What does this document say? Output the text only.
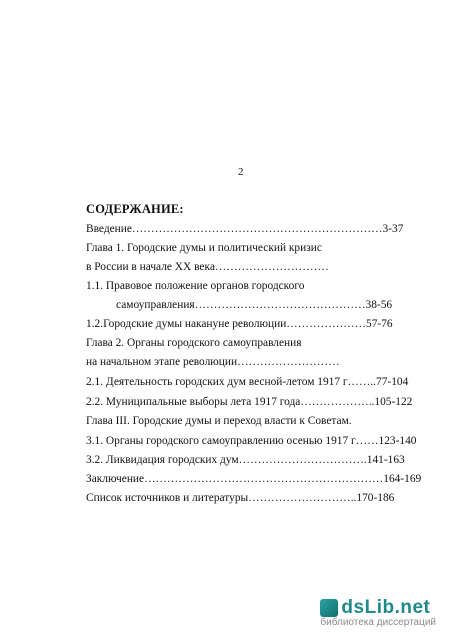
2
СОДЕРЖАНИЕ:
Введение…………………………………………………………3-37
Глава 1. Городские думы и политический кризис
в России в начале ХХ века…………………………
1.1. Правовое положение органов городского
самоуправления………………………………………38-56
1.2.Городские думы накануне революции…………………57-76
Глава 2. Органы городского самоуправления
на начальном этапе революции………………………
2.1. Деятельность городских дум весной-летом 1917 г……..77-104
2.2. Муниципальные выборы лета 1917 года………………..105-122
Глава III. Городские думы и переход власти к Советам.
3.1. Органы городского самоуправлению осенью 1917 г……123-140
3.2. Ликвидация городских дум…………………………….141-163
Заключение………………………………………………………164-169
Список источников и литературы………………………..170-186
dsLib.net
библиотека диссертаций
